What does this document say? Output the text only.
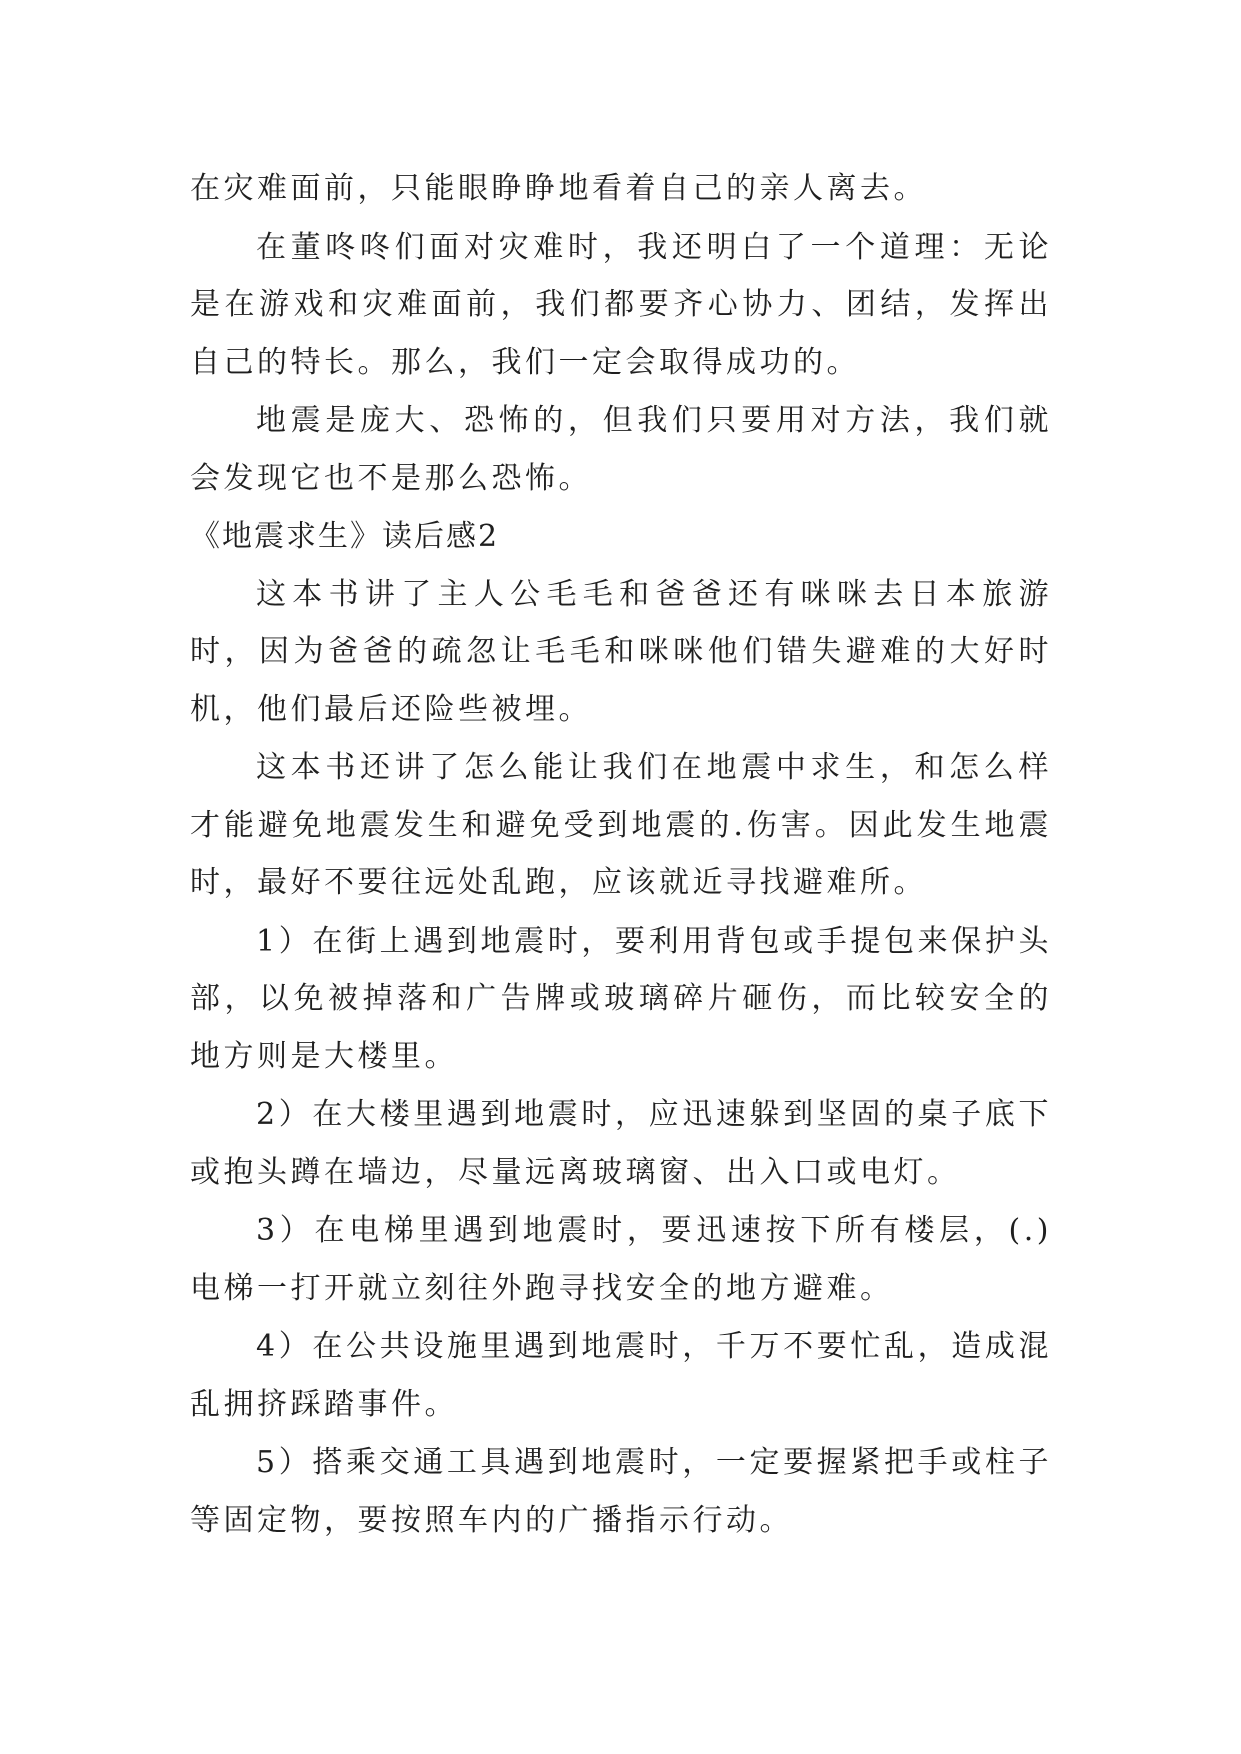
在灾难面前，只能眼睁睁地看着自己的亲人离去。

在董咚咚们面对灾难时，我还明白了一个道理：无论是在游戏和灾难面前，我们都要齐心协力、团结，发挥出自己的特长。那么，我们一定会取得成功的。

地震是庞大、恐怖的，但我们只要用对方法，我们就会发现它也不是那么恐怖。

《地震求生》读后感2

这本书讲了主人公毛毛和爸爸还有咪咪去日本旅游时，因为爸爸的疏忽让毛毛和咪咪他们错失避难的大好时机，他们最后还险些被埋。

这本书还讲了怎么能让我们在地震中求生，和怎么样才能避免地震发生和避免受到地震的.伤害。因此发生地震时，最好不要往远处乱跑，应该就近寻找避难所。

1）在街上遇到地震时，要利用背包或手提包来保护头部，以免被掉落和广告牌或玻璃碎片砸伤，而比较安全的地方则是大楼里。

2）在大楼里遇到地震时，应迅速躲到坚固的桌子底下或抱头蹲在墙边，尽量远离玻璃窗、出入口或电灯。

3）在电梯里遇到地震时，要迅速按下所有楼层，(.)电梯一打开就立刻往外跑寻找安全的地方避难。

4）在公共设施里遇到地震时，千万不要忙乱，造成混乱拥挤踩踏事件。

5）搭乘交通工具遇到地震时，一定要握紧把手或柱子等固定物，要按照车内的广播指示行动。
